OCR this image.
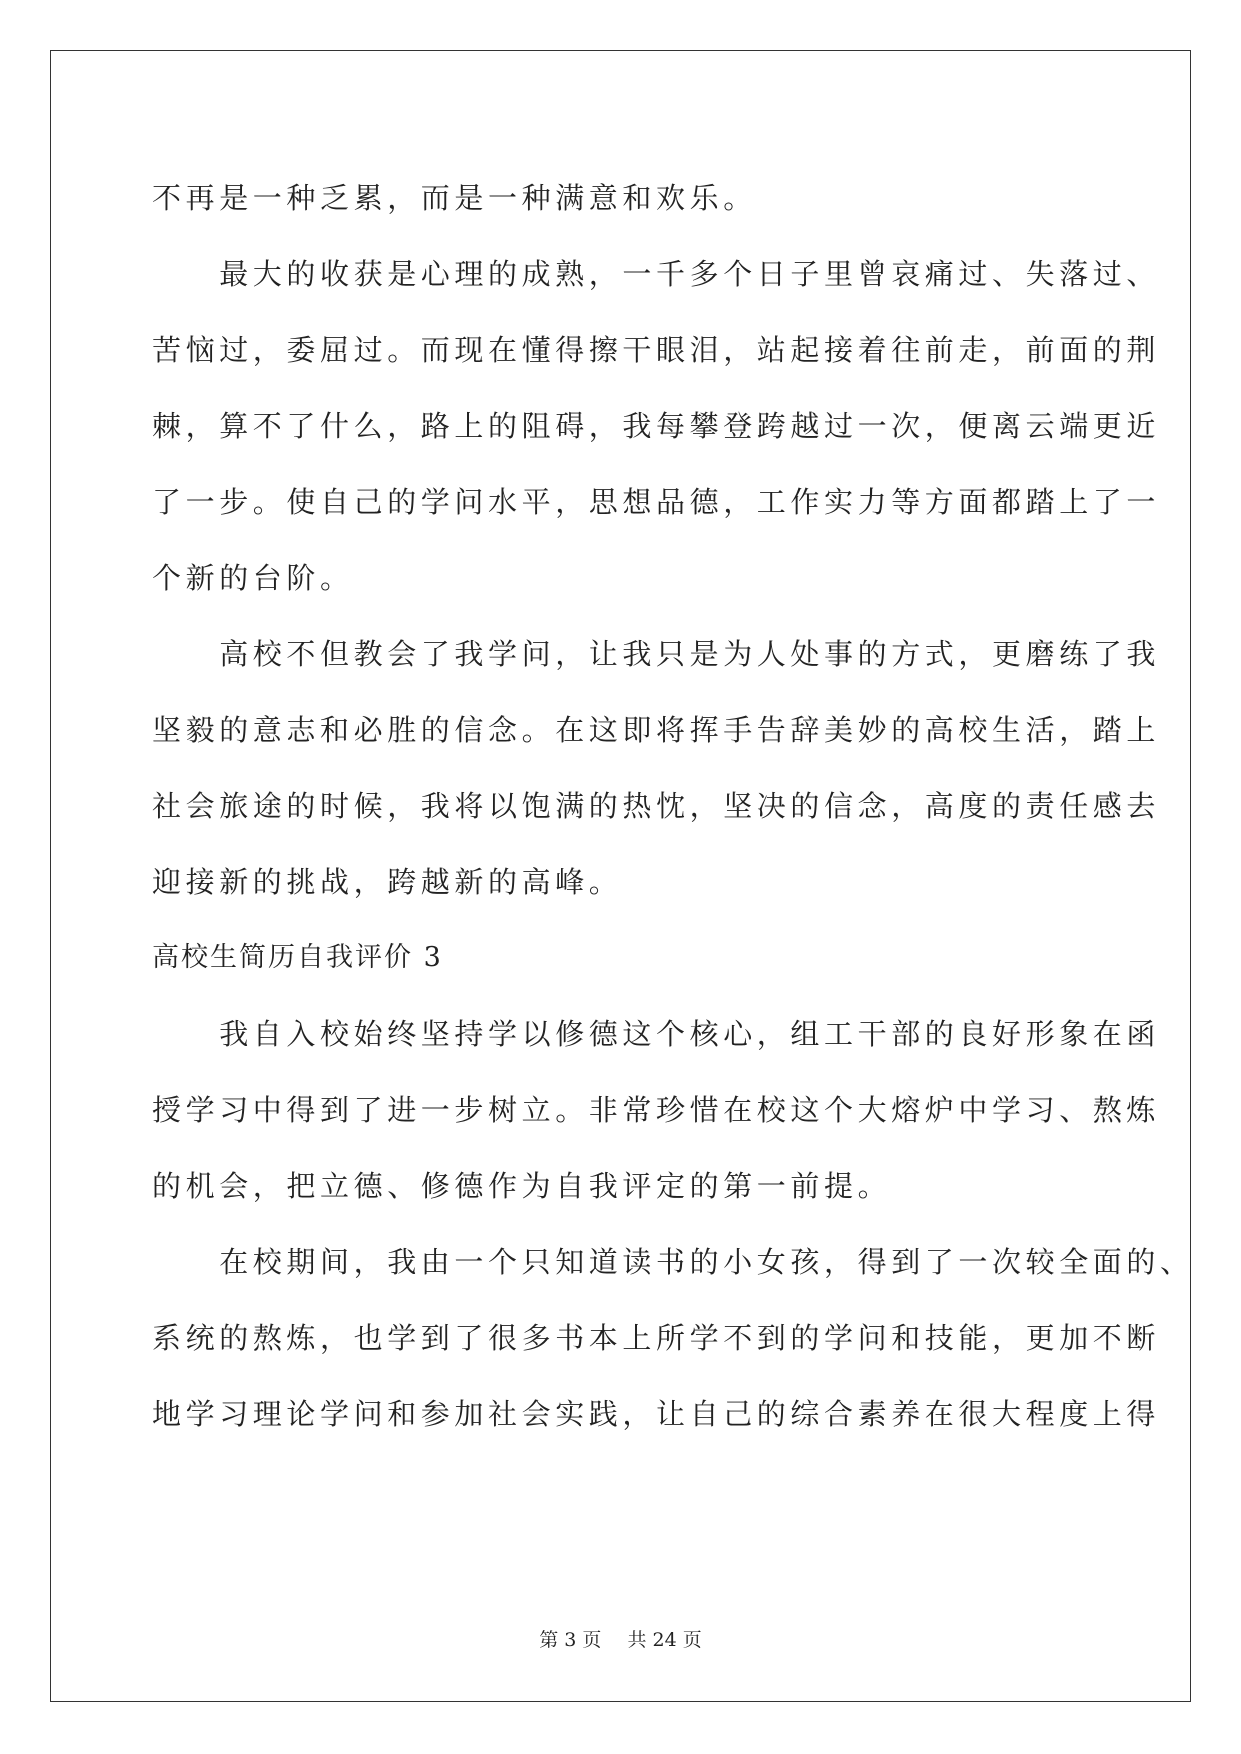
不再是一种乏累，而是一种满意和欢乐。
　　最大的收获是心理的成熟，一千多个日子里曾哀痛过、失落过、
苦恼过，委屈过。而现在懂得擦干眼泪，站起接着往前走，前面的荆
棘，算不了什么，路上的阻碍，我每攀登跨越过一次，便离云端更近
了一步。使自己的学问水平，思想品德，工作实力等方面都踏上了一
个新的台阶。
　　高校不但教会了我学问，让我只是为人处事的方式，更磨练了我
坚毅的意志和必胜的信念。在这即将挥手告辞美妙的高校生活，踏上
社会旅途的时候，我将以饱满的热忱，坚决的信念，高度的责任感去
迎接新的挑战，跨越新的高峰。
高校生简历自我评价 3
　　我自入校始终坚持学以修德这个核心，组工干部的良好形象在函
授学习中得到了进一步树立。非常珍惜在校这个大熔炉中学习、熬炼
的机会，把立德、修德作为自我评定的第一前提。
　　在校期间，我由一个只知道读书的小女孩，得到了一次较全面的、
系统的熬炼，也学到了很多书本上所学不到的学问和技能，更加不断
地学习理论学问和参加社会实践，让自己的综合素养在很大程度上得
第 3 页 共 24 页
